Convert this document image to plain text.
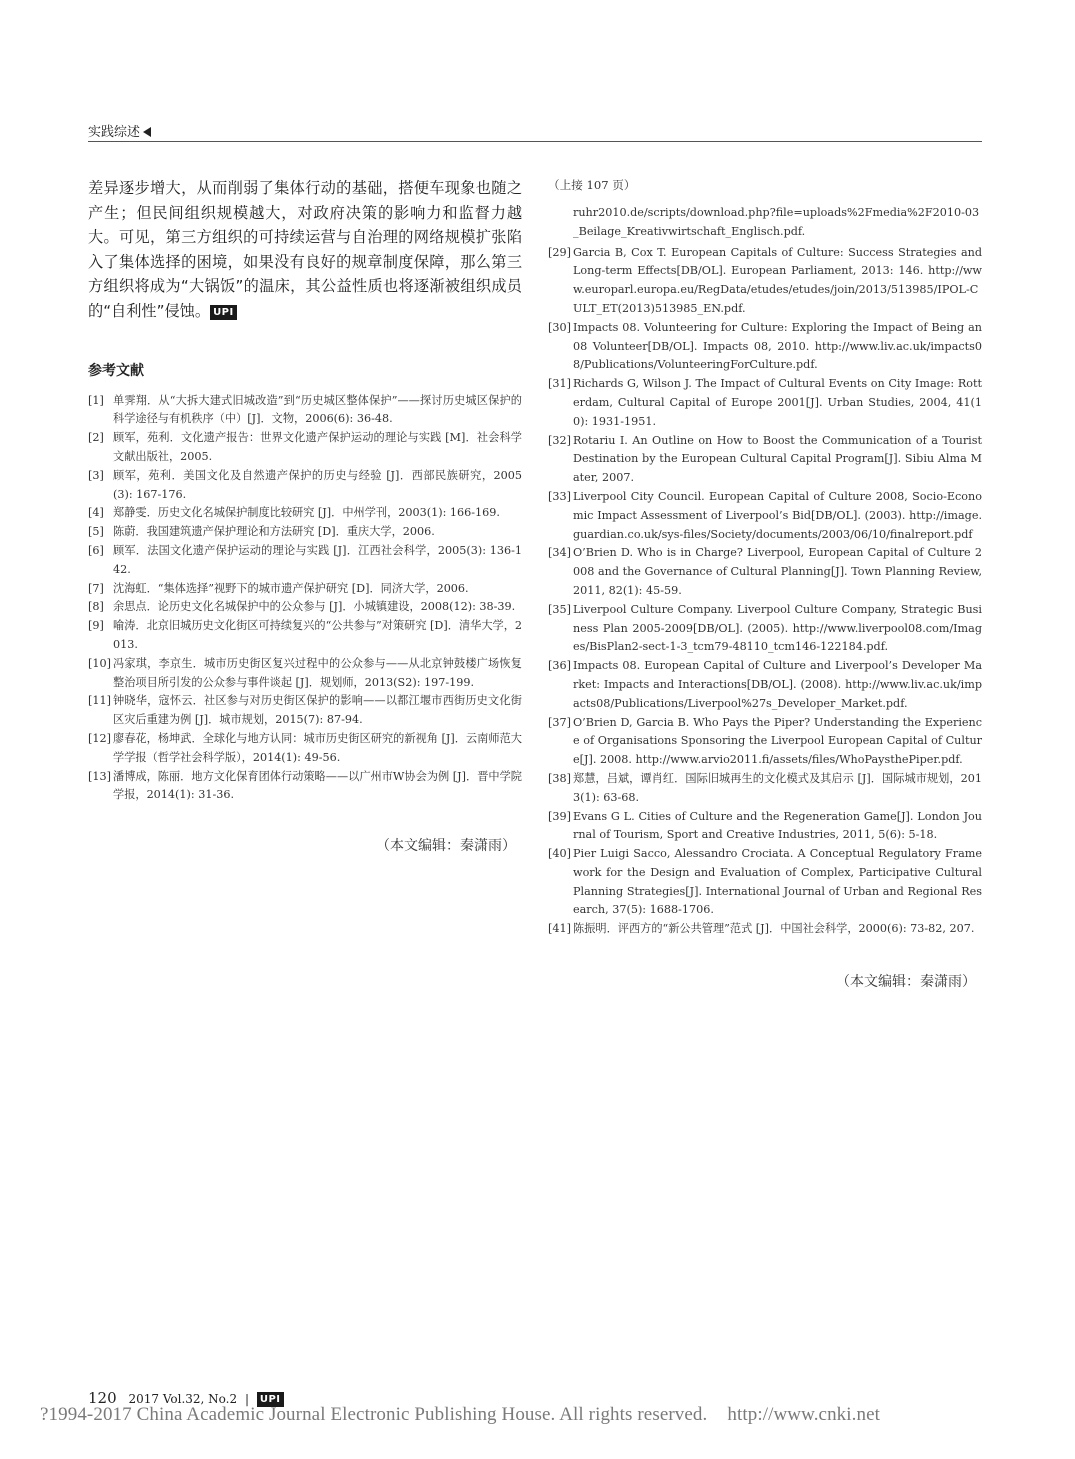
实践综述

差异逐步增大，从而削弱了集体行动的基础，搭便车现象也随之产生；但民间组织规模越大，对政府决策的影响力和监督力越大。可见，第三方组织的可持续运营与自治理的网络规模扩张陷入了集体选择的困境，如果没有良好的规章制度保障，那么第三方组织将成为“大锅饭”的温床，其公益性质也将逐渐被组织成员的“自利性”侵蚀。 UPI

参考文献
[1] 单霁翔．从“大拆大建式旧城改造”到“历史城区整体保护”——探讨历史城区保护的科学途径与有机秩序（中）[J]．文物，2006(6): 36-48.
[2] 顾军，苑利．文化遗产报告：世界文化遗产保护运动的理论与实践 [M]．社会科学文献出版社，2005.
[3] 顾军，苑利．美国文化及自然遗产保护的历史与经验 [J]．西部民族研究，2005(3): 167-176.
[4] 郑静雯．历史文化名城保护制度比较研究 [J]．中州学刊，2003(1): 166-169.
[5] 陈蔚．我国建筑遗产保护理论和方法研究 [D]．重庆大学，2006.
[6] 顾军．法国文化遗产保护运动的理论与实践 [J]．江西社会科学，2005(3): 136-142.
[7] 沈海虹．“集体选择”视野下的城市遗产保护研究 [D]．同济大学，2006.
[8] 余思点．论历史文化名城保护中的公众参与 [J]．小城镇建设，2008(12): 38-39.
[9] 喻涛．北京旧城历史文化街区可持续复兴的“公共参与”对策研究 [D]．清华大学，2013.
[10] 冯家琪，李京生．城市历史街区复兴过程中的公众参与——从北京钟鼓楼广场恢复整治项目所引发的公众参与事件谈起 [J]．规划师，2013(S2): 197-199.
[11] 钟晓华，寇怀云．社区参与对历史街区保护的影响——以都江堰市西街历史文化街区灾后重建为例 [J]．城市规划，2015(7): 87-94.
[12] 廖春花，杨坤武．全球化与地方认同：城市历史街区研究的新视角 [J]．云南师范大学学报（哲学社会科学版），2014(1): 49-56.
[13] 潘博成，陈丽．地方文化保育团体行动策略——以广州市W协会为例 [J]．晋中学院学报，2014(1): 31-36.
（本文编辑：秦潇雨）
（上接 107 页）
ruhr2010.de/scripts/download.php?file=uploads%2Fmedia%2F2010-03_Beilage_Kreativwirtschaft_Englisch.pdf.
[29] Garcia B, Cox T. European Capitals of Culture: Success Strategies and Long-term Effects[DB/OL]. European Parliament, 2013: 146. http://www.europarl.europa.eu/RegData/etudes/etudes/join/2013/513985/IPOL-CULT_ET(2013)513985_EN.pdf.
[30] Impacts 08. Volunteering for Culture: Exploring the Impact of Being an 08 Volunteer[DB/OL]. Impacts 08, 2010. http://www.liv.ac.uk/impacts08/Publications/VolunteeringForCulture.pdf.
[31] Richards G, Wilson J. The Impact of Cultural Events on City Image: Rotterdam, Cultural Capital of Europe 2001[J]. Urban Studies, 2004, 41(10): 1931-1951.
[32] Rotariu I. An Outline on How to Boost the Communication of a Tourist Destination by the European Cultural Capital Program[J]. Sibiu Alma Mater, 2007.
[33] Liverpool City Council. European Capital of Culture 2008, Socio-Economic Impact Assessment of Liverpool’s Bid[DB/OL]. (2003). http://image.guardian.co.uk/sys-files/Society/documents/2003/06/10/finalreport.pdf
[34] O’Brien D. Who is in Charge? Liverpool, European Capital of Culture 2008 and the Governance of Cultural Planning[J]. Town Planning Review, 2011, 82(1): 45-59.
[35] Liverpool Culture Company. Liverpool Culture Company, Strategic Business Plan 2005-2009[DB/OL]. (2005). http://www.liverpool08.com/Images/BisPlan2-sect-1-3_tcm79-48110_tcm146-122184.pdf.
[36] Impacts 08. European Capital of Culture and Liverpool’s Developer Market: Impacts and Interactions[DB/OL]. (2008). http://www.liv.ac.uk/impacts08/Publications/Liverpool%27s_Developer_Market.pdf.
[37] O’Brien D, Garcia B. Who Pays the Piper? Understanding the Experience of Organisations Sponsoring the Liverpool European Capital of Culture[J]. 2008. http://www.arvio2011.fi/assets/files/WhoPaysthePiper.pdf.
[38] 郑慧，吕斌，谭肖红．国际旧城再生的文化模式及其启示 [J]．国际城市规划，2013(1): 63-68.
[39] Evans G L. Cities of Culture and the Regeneration Game[J]. London Journal of Tourism, Sport and Creative Industries, 2011, 5(6): 5-18.
[40] Pier Luigi Sacco, Alessandro Crociata. A Conceptual Regulatory Framework for the Design and Evaluation of Complex, Participative Cultural Planning Strategies[J]. International Journal of Urban and Regional Research, 37(5): 1688-1706.
[41] 陈振明．评西方的“新公共管理”范式 [J]．中国社会科学，2000(6): 73-82, 207.
（本文编辑：秦潇雨）
120 2017 Vol.32, No.2 | UPI
?1994-2017 China Academic Journal Electronic Publishing House. All rights reserved. http://www.cnki.net
